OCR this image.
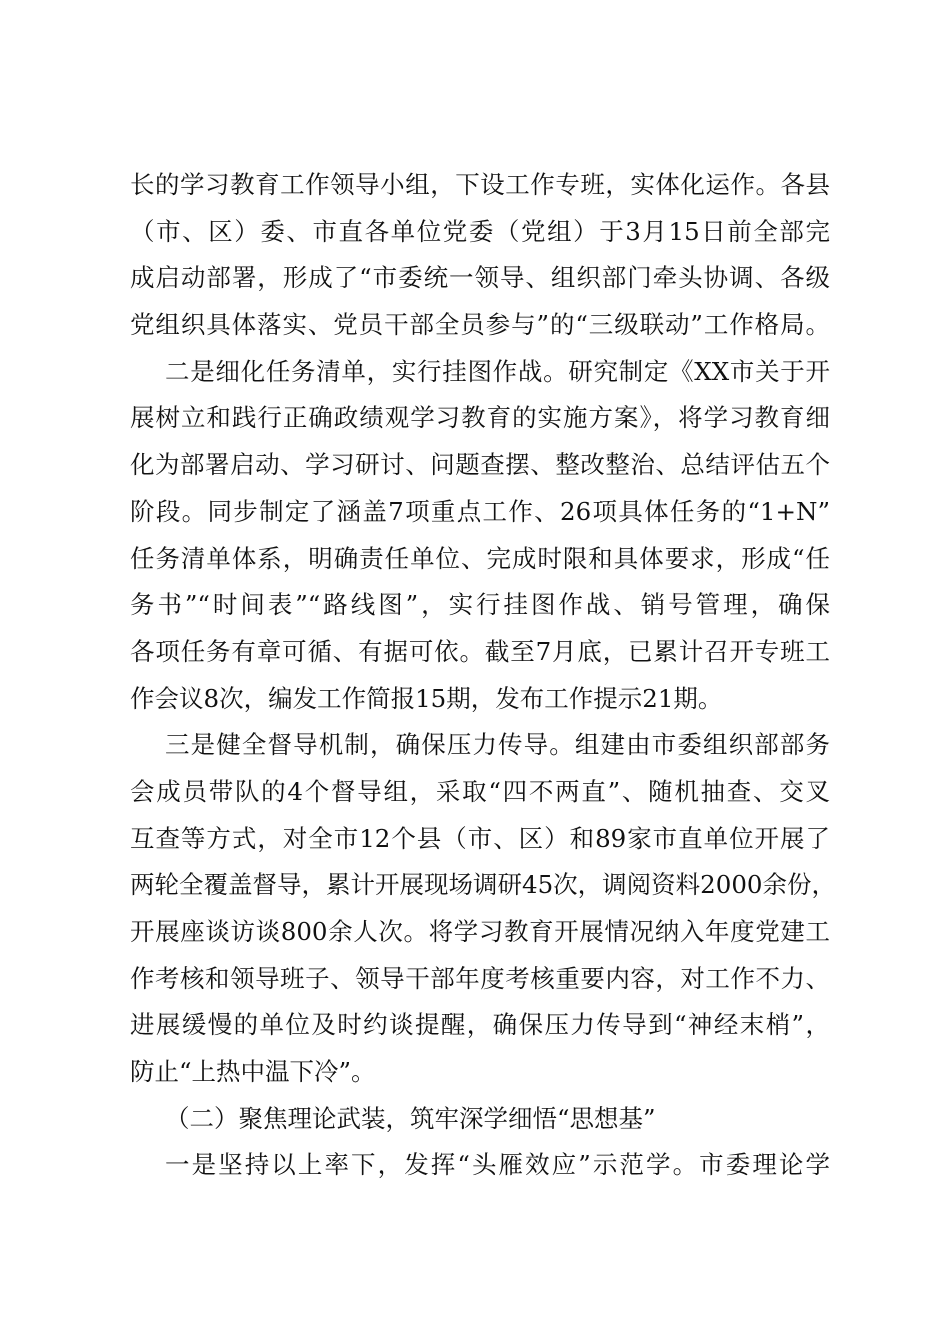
长的学习教育工作领导小组，下设工作专班，实体化运作。各县
（市、区）委、市直各单位党委（党组）于3月15日前全部完
成启动部署，形成了“市委统一领导、组织部门牵头协调、各级
党组织具体落实、党员干部全员参与”的“三级联动”工作格局。
二是细化任务清单，实行挂图作战。研究制定《XX市关于开
展树立和践行正确政绩观学习教育的实施方案》，将学习教育细
化为部署启动、学习研讨、问题查摆、整改整治、总结评估五个
阶段。同步制定了涵盖7项重点工作、26项具体任务的“1+N”
任务清单体系，明确责任单位、完成时限和具体要求，形成“任
务书”“时间表”“路线图”，实行挂图作战、销号管理，确保
各项任务有章可循、有据可依。截至7月底，已累计召开专班工
作会议8次，编发工作简报15期，发布工作提示21期。
三是健全督导机制，确保压力传导。组建由市委组织部部务
会成员带队的4个督导组，采取“四不两直”、随机抽查、交叉
互查等方式，对全市12个县（市、区）和89家市直单位开展了
两轮全覆盖督导，累计开展现场调研45次，调阅资料2000余份，
开展座谈访谈800余人次。将学习教育开展情况纳入年度党建工
作考核和领导班子、领导干部年度考核重要内容，对工作不力、
进展缓慢的单位及时约谈提醒，确保压力传导到“神经末梢”，
防止“上热中温下冷”。
（二）聚焦理论武装，筑牢深学细悟“思想基”
一是坚持以上率下，发挥“头雁效应”示范学。市委理论学
